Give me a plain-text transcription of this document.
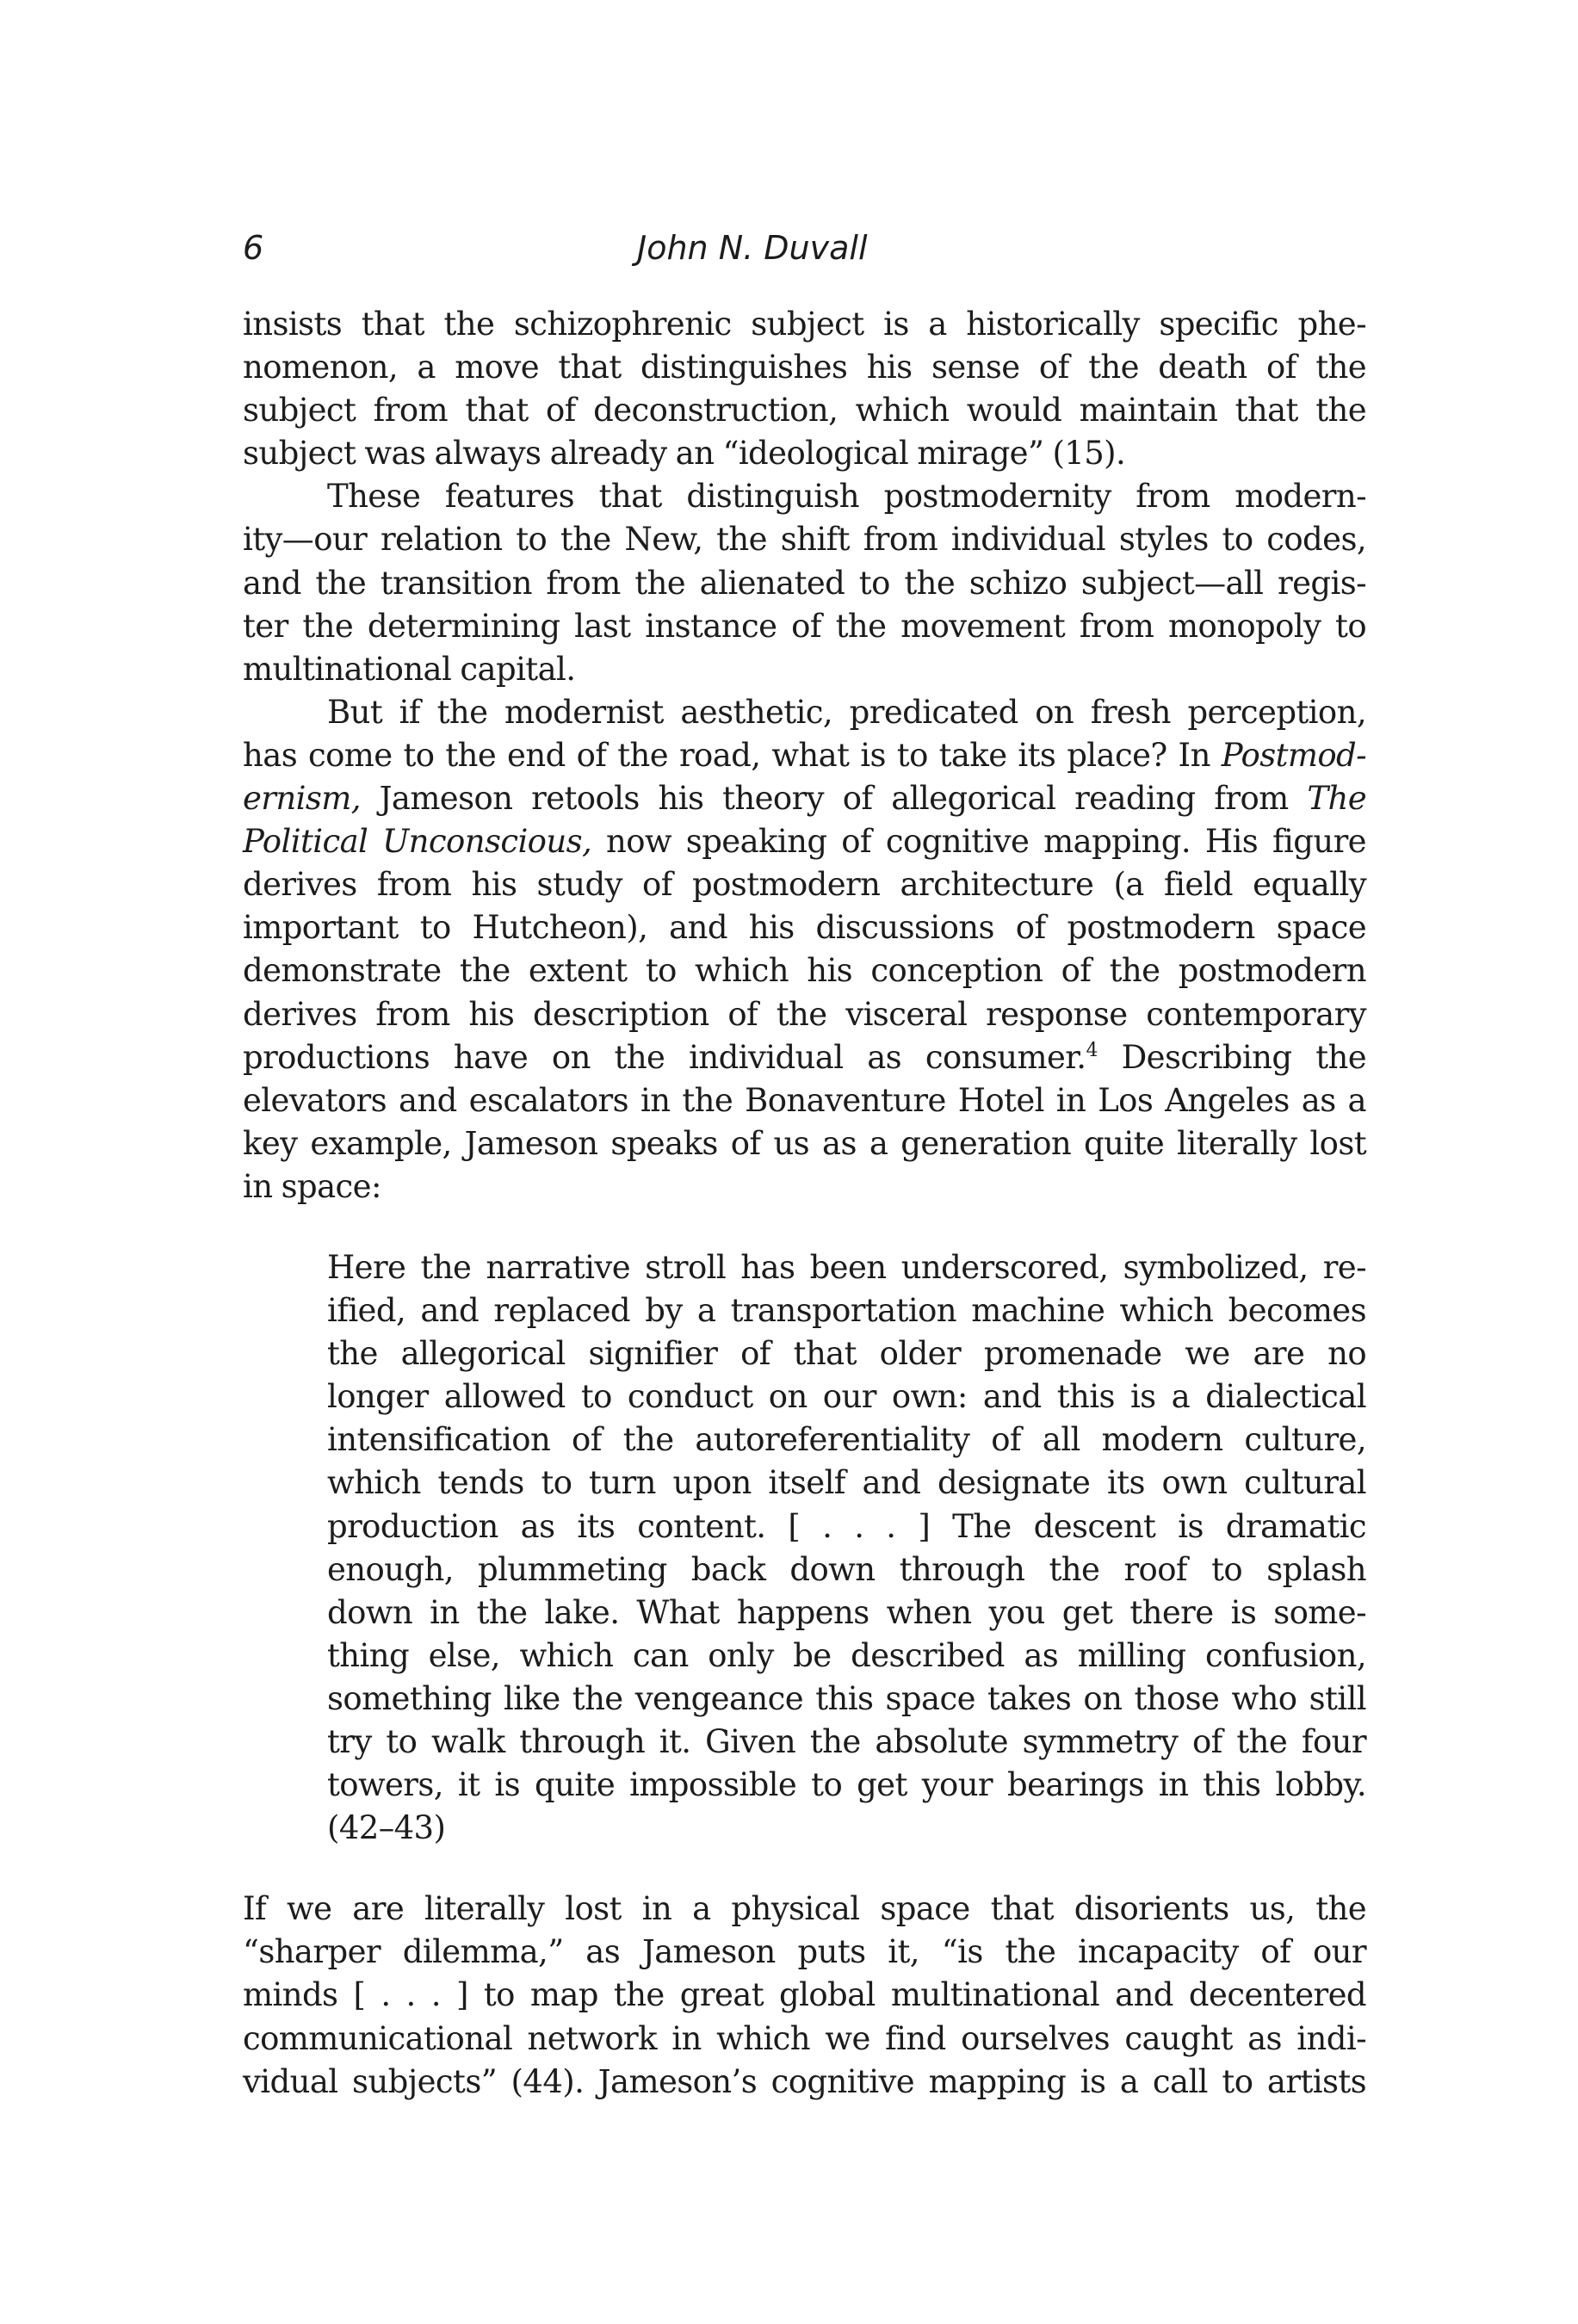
6	John N. Duvall

insists that the schizophrenic subject is a historically specific phe-
nomenon, a move that distinguishes his sense of the death of the
subject from that of deconstruction, which would maintain that the
subject was always already an “ideological mirage” (15).

These features that distinguish postmodernity from modern-
ity—our relation to the New, the shift from individual styles to codes,
and the transition from the alienated to the schizo subject—all regis-
ter the determining last instance of the movement from monopoly to
multinational capital.

But if the modernist aesthetic, predicated on fresh perception,
has come to the end of the road, what is to take its place? In Postmod-
ernism, Jameson retools his theory of allegorical reading from The
Political Unconscious, now speaking of cognitive mapping. His figure
derives from his study of postmodern architecture (a field equally
important to Hutcheon), and his discussions of postmodern space
demonstrate the extent to which his conception of the postmodern
derives from his description of the visceral response contemporary
productions have on the individual as consumer.$^4$ Describing the
elevators and escalators in the Bonaventure Hotel in Los Angeles as a
key example, Jameson speaks of us as a generation quite literally lost
in space:

Here the narrative stroll has been underscored, symbolized, re-
ified, and replaced by a transportation machine which becomes
the allegorical signifier of that older promenade we are no
longer allowed to conduct on our own: and this is a dialectical
intensification of the autoreferentiality of all modern culture,
which tends to turn upon itself and designate its own cultural
production as its content. [ . . . ] The descent is dramatic
enough, plummeting back down through the roof to splash
down in the lake. What happens when you get there is some-
thing else, which can only be described as milling confusion,
something like the vengeance this space takes on those who still
try to walk through it. Given the absolute symmetry of the four
towers, it is quite impossible to get your bearings in this lobby.
(42–43)

If we are literally lost in a physical space that disorients us, the
“sharper dilemma,” as Jameson puts it, “is the incapacity of our
minds [ . . . ] to map the great global multinational and decentered
communicational network in which we find ourselves caught as indi-
vidual subjects” (44). Jameson’s cognitive mapping is a call to artists
